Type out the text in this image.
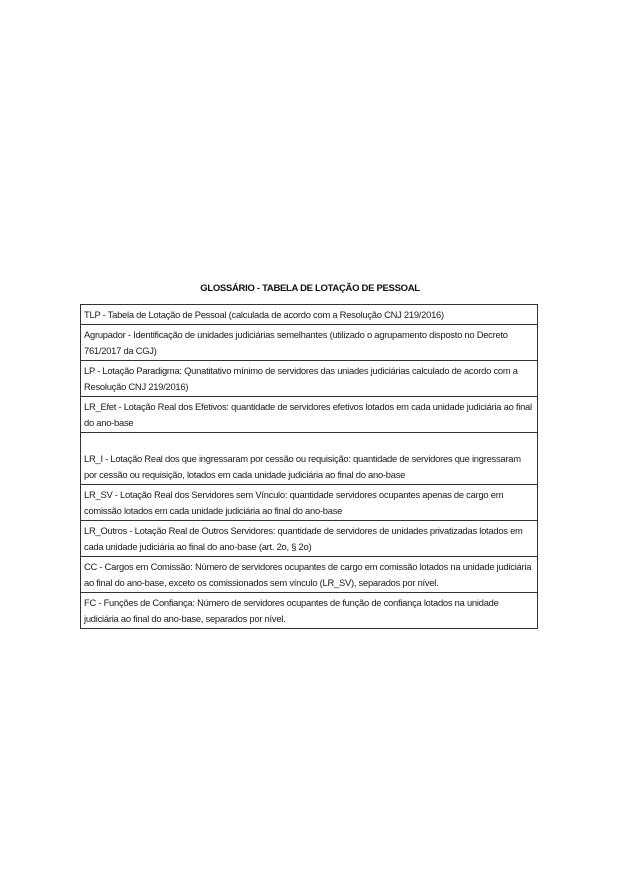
GLOSSÁRIO - TABELA DE LOTAÇÃO DE PESSOAL
TLP - Tabela de Lotação de Pessoal (calculada de acordo com a Resolução CNJ 219/2016)
Agrupador - Identificação de unidades judiciárias semelhantes (utilizado o agrupamento disposto no Decreto 761/2017 da CGJ)
LP - Lotação Paradigma: Qunatitativo mínimo de servidores das uniades judiciárias calculado de acordo com a Resolução CNJ 219/2016)
LR_Efet - Lotação Real dos Efetivos: quantidade de servidores efetivos lotados em cada unidade judiciária ao final do ano-base
LR_I - Lotação Real dos que ingressaram por cessão ou requisição: quantidade de servidores que ingressaram por cessão ou requisição, lotados em cada unidade judiciária ao final do ano-base
LR_SV - Lotação Real dos Servidores sem Vínculo: quantidade servidores ocupantes apenas de cargo em comissão lotados em cada unidade judiciária ao final do ano-base
LR_Outros - Lotação Real de Outros Servidores: quantidade de servidores de unidades privatizadas lotados em cada unidade judiciária ao final do ano-base (art. 2o, § 2o)
CC - Cargos em Comissão: Número de servidores ocupantes de cargo em comissão lotados na unidade judiciária ao final do ano-base, exceto os comissionados sem vínculo (LR_SV), separados por nível.
FC - Funções de Confiança: Número de servidores ocupantes de função de confiança lotados na unidade judiciária ao final do ano-base, separados por nível.
